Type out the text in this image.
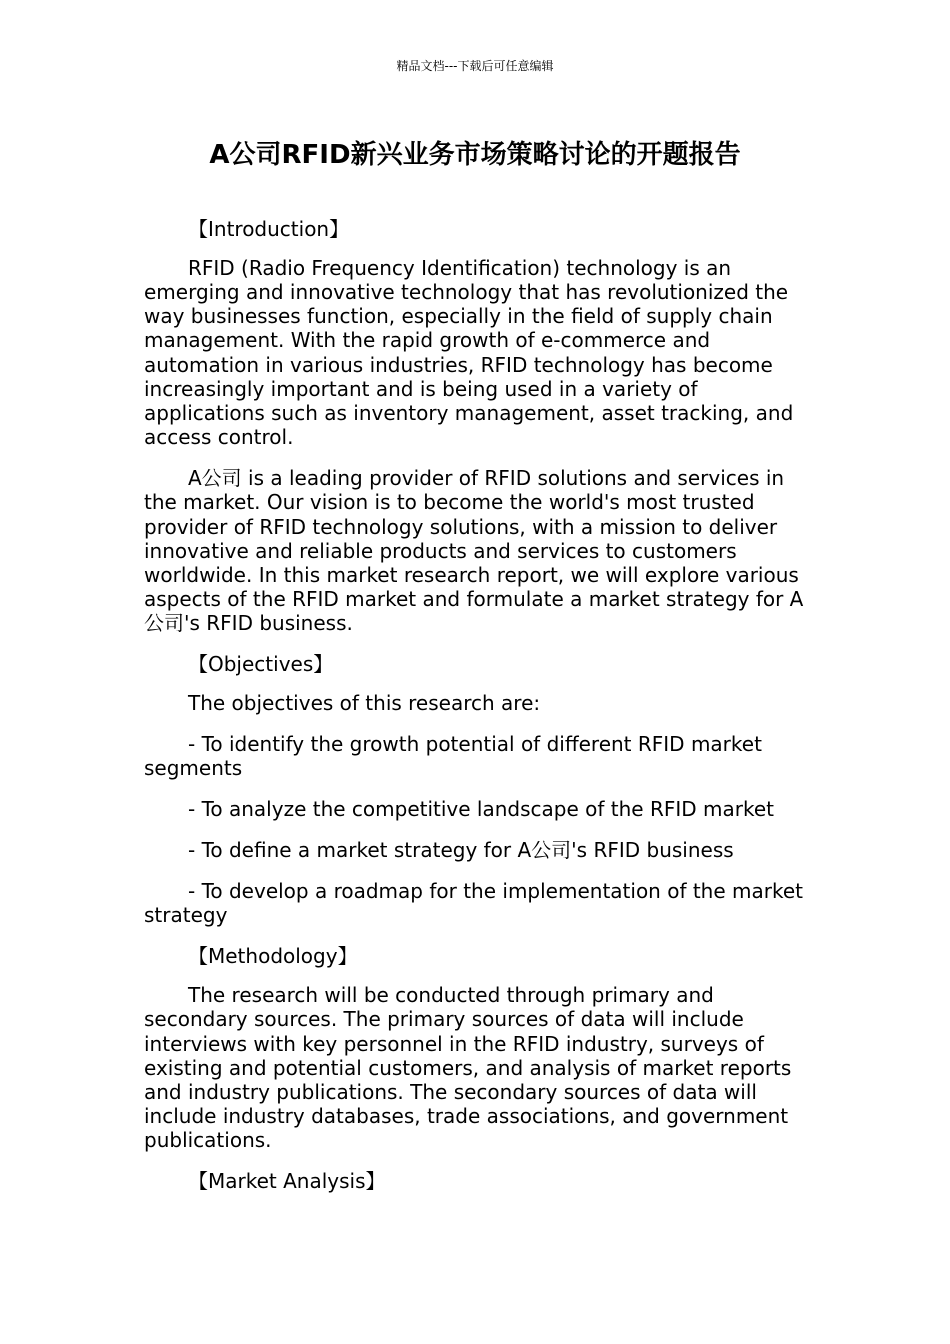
精品文档---下载后可任意编辑
A公司RFID新兴业务市场策略讨论的开题报告

【Introduction】

RFID (Radio Frequency Identification) technology is an emerging and innovative technology that has revolutionized the way businesses function, especially in the field of supply chain management. With the rapid growth of e-commerce and automation in various industries, RFID technology has become increasingly important and is being used in a variety of applications such as inventory management, asset tracking, and access control.

A公司 is a leading provider of RFID solutions and services in the market. Our vision is to become the world's most trusted provider of RFID technology solutions, with a mission to deliver innovative and reliable products and services to customers worldwide. In this market research report, we will explore various aspects of the RFID market and formulate a market strategy for A公司's RFID business.

【Objectives】

The objectives of this research are:

- To identify the growth potential of different RFID market segments

- To analyze the competitive landscape of the RFID market

- To define a market strategy for A公司's RFID business

- To develop a roadmap for the implementation of the market strategy

【Methodology】

The research will be conducted through primary and secondary sources. The primary sources of data will include interviews with key personnel in the RFID industry, surveys of existing and potential customers, and analysis of market reports and industry publications. The secondary sources of data will include industry databases, trade associations, and government publications.

【Market Analysis】
